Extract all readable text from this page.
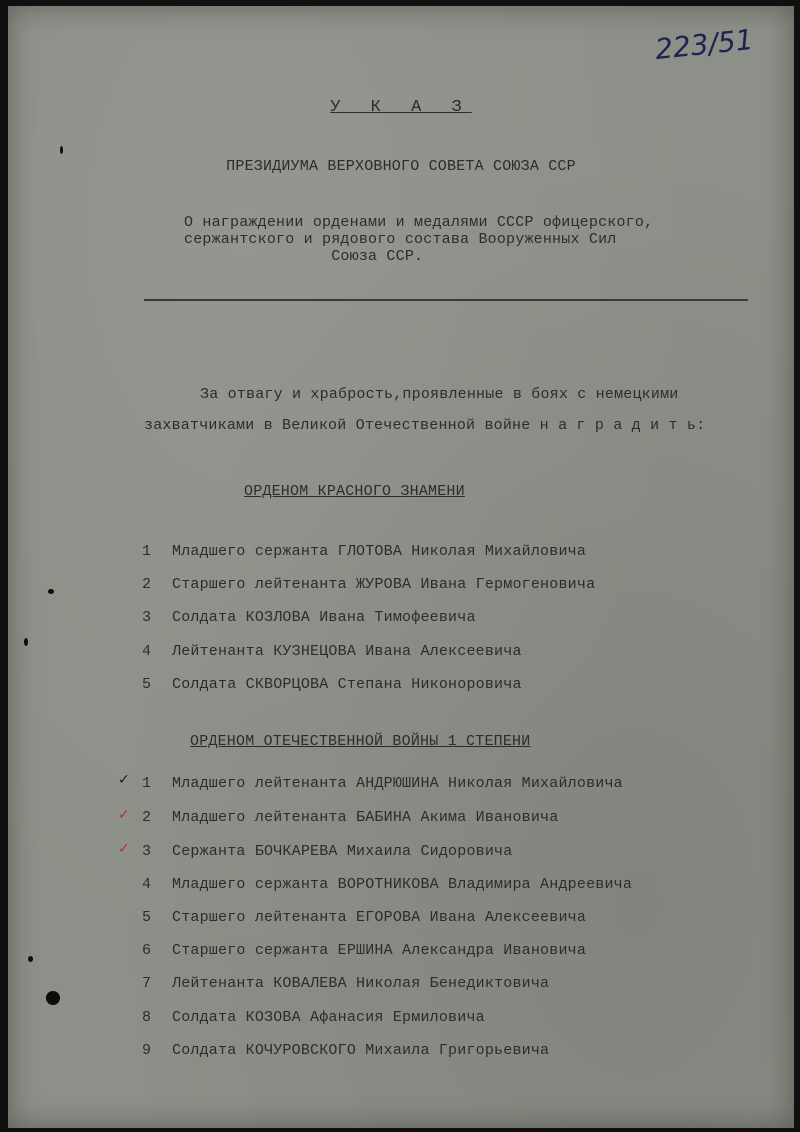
223/51
У К А З
ПРЕЗИДИУМА ВЕРХОВНОГО СОВЕТА СОЮЗА ССР
О награждении орденами и медалями СССР офицерского,
сержантского и рядового состава Вооруженных Сил
Союза ССР.
За отвагу и храбрость,проявленные в боях с немецкими
захватчиками в Великой Отечественной войне н а г р а д и т ь:
ОРДЕНОМ КРАСНОГО ЗНАМЕНИ
1 Младшего сержанта ГЛОТОВА Николая Михайловича
2 Старшего лейтенанта ЖУРОВА Ивана Гермогеновича
3 Солдата КОЗЛОВА Ивана Тимофеевича
4 Лейтенанта КУЗНЕЦОВА Ивана Алексеевича
5 Солдата СКВОРЦОВА Степана Никоноровича
ОРДЕНОМ ОТЕЧЕСТВЕННОЙ ВОЙНЫ 1 СТЕПЕНИ
✓ 1 Младшего лейтенанта АНДРЮШИНА Николая Михайловича
✓ 2 Младшего лейтенанта БАБИНА Акима Ивановича
✓ 3 Сержанта БОЧКАРЕВА Михаила Сидоровича
4 Младшего сержанта ВОРОТНИКОВА Владимира Андреевича
5 Старшего лейтенанта ЕГОРОВА Ивана Алексеевича
6 Старшего сержанта ЕРШИНА Александра Ивановича
7 Лейтенанта КОВАЛЕВА Николая Бенедиктовича
8 Солдата КОЗОВА Афанасия Ермиловича
9 Солдата КОЧУРОВСКОГО Михаила Григорьевича
